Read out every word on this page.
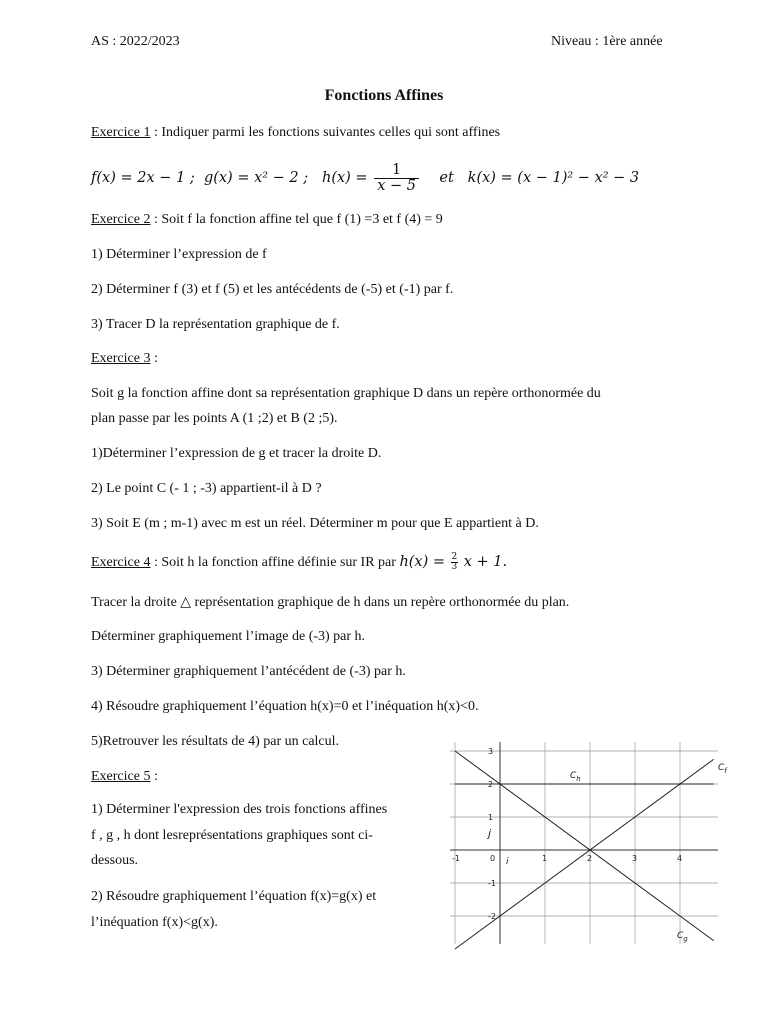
AS : 2022/2023	Niveau : 1ère année
Fonctions Affines
Exercice 1 : Indiquer parmi les fonctions suivantes celles qui sont affines
f(x) = 2x − 1 ; g(x) = x² − 2 ; $h(x) = \frac{1}{x - 5}$ et k(x) = (x − 1)² − x² − 3
Exercice 2 : Soit f la fonction affine tel que f (1) =3 et f (4) = 9
1) Déterminer l’expression de f
2) Déterminer f (3) et f (5) et les antécédents de (-5) et (-1) par f.
3) Tracer D la représentation graphique de f.
Exercice 3 :
Soit g la fonction affine dont sa représentation graphique D dans un repère orthonormée du
plan passe par les points A (1 ;2) et B (2 ;5).
1)Déterminer l’expression de g et tracer la droite D.
2) Le point C (- 1 ; -3) appartient-il à D ?
3) Soit E (m ; m-1) avec m est un réel. Déterminer m pour que E appartient à D.
Exercice 4 : Soit h la fonction affine définie sur IR par $h(x) = \frac{2}{3}$ x + 1.
Tracer la droite △ représentation graphique de h dans un repère orthonormée du plan.
Déterminer graphiquement l’image de (-3) par h.
3) Déterminer graphiquement l’antécédent de (-3) par h.
4) Résoudre graphiquement l’équation h(x)=0 et l’inéquation h(x)<0.
5)Retrouver les résultats de 4) par un calcul.
Exercice 5 :
1) Déterminer l'expression des trois fonctions affines
f , g , h dont lesreprésentations graphiques sont ci-
dessous.
2) Résoudre graphiquement l’équation f(x)=g(x) et
l’inéquation f(x)<g(x).
-1	0	1	2	3	4
3
2
1
-1
-2
j
i
$C_f$
$C_h$
$C_g$
